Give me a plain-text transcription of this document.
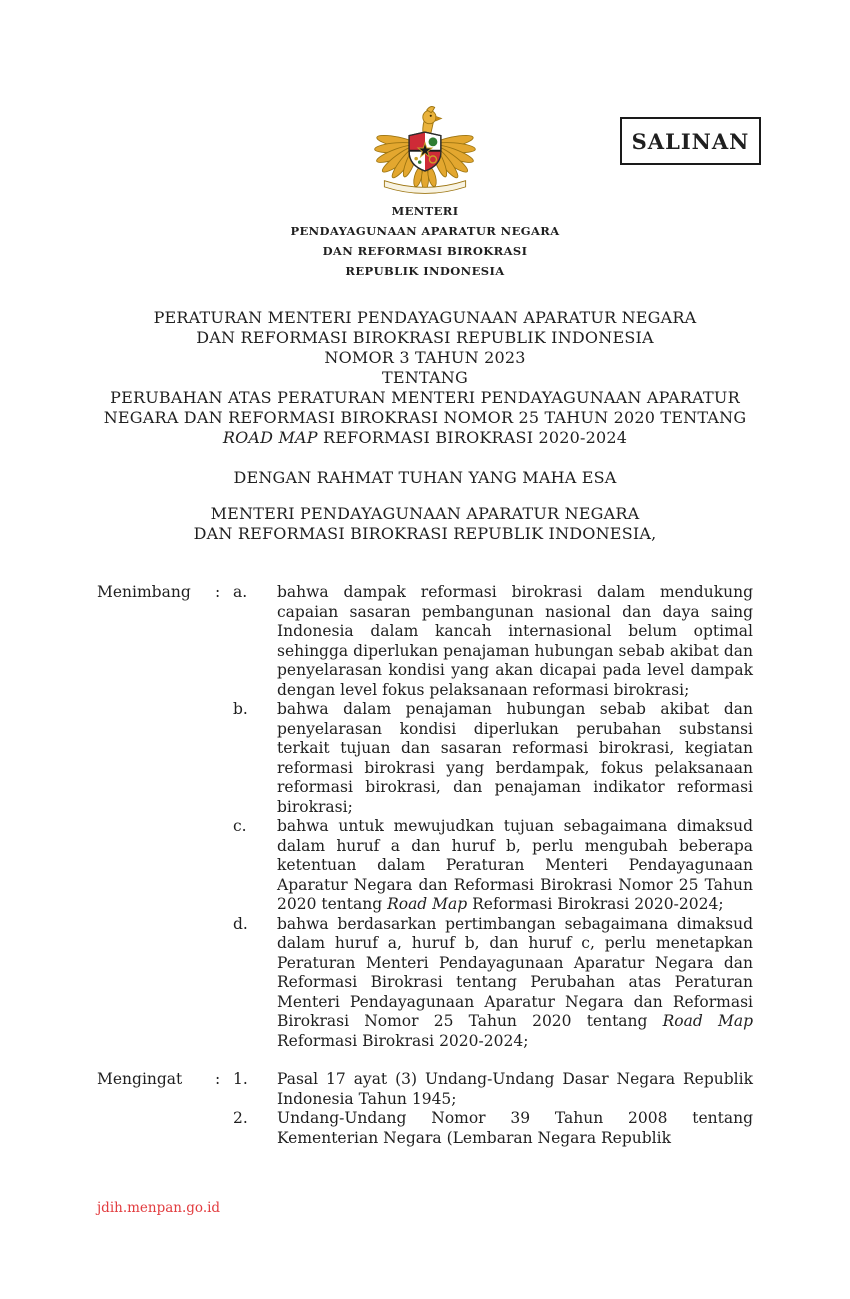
SALINAN
MENTERI
PENDAYAGUNAAN APARATUR NEGARA
DAN REFORMASI BIROKRASI
REPUBLIK INDONESIA
PERATURAN MENTERI PENDAYAGUNAAN APARATUR NEGARA
DAN REFORMASI BIROKRASI REPUBLIK INDONESIA
NOMOR 3 TAHUN 2023
TENTANG
PERUBAHAN ATAS PERATURAN MENTERI PENDAYAGUNAAN APARATUR
NEGARA DAN REFORMASI BIROKRASI NOMOR 25 TAHUN 2020 TENTANG
ROAD MAP REFORMASI BIROKRASI 2020-2024
DENGAN RAHMAT TUHAN YANG MAHA ESA
MENTERI PENDAYAGUNAAN APARATUR NEGARA
DAN REFORMASI BIROKRASI REPUBLIK INDONESIA,
Menimbang	: a.	bahwa dampak reformasi birokrasi dalam mendukung capaian sasaran pembangunan nasional dan daya saing Indonesia dalam kancah internasional belum optimal sehingga diperlukan penajaman hubungan sebab akibat dan penyelarasan kondisi yang akan dicapai pada level dampak dengan level fokus pelaksanaan reformasi birokrasi;
b.	bahwa dalam penajaman hubungan sebab akibat dan penyelarasan kondisi diperlukan perubahan substansi terkait tujuan dan sasaran reformasi birokrasi, kegiatan reformasi birokrasi yang berdampak, fokus pelaksanaan reformasi birokrasi, dan penajaman indikator reformasi birokrasi;
c.	bahwa untuk mewujudkan tujuan sebagaimana dimaksud dalam huruf a dan huruf b, perlu mengubah beberapa ketentuan dalam Peraturan Menteri Pendayagunaan Aparatur Negara dan Reformasi Birokrasi Nomor 25 Tahun 2020 tentang Road Map Reformasi Birokrasi 2020-2024;
d.	bahwa berdasarkan pertimbangan sebagaimana dimaksud dalam huruf a, huruf b, dan huruf c, perlu menetapkan Peraturan Menteri Pendayagunaan Aparatur Negara dan Reformasi Birokrasi tentang Perubahan atas Peraturan Menteri Pendayagunaan Aparatur Negara dan Reformasi Birokrasi Nomor 25 Tahun 2020 tentang Road Map Reformasi Birokrasi 2020-2024;
Mengingat	: 1.	Pasal 17 ayat (3) Undang-Undang Dasar Negara Republik Indonesia Tahun 1945;
2.	Undang-Undang Nomor 39 Tahun 2008 tentang Kementerian Negara (Lembaran Negara Republik
jdih.menpan.go.id
